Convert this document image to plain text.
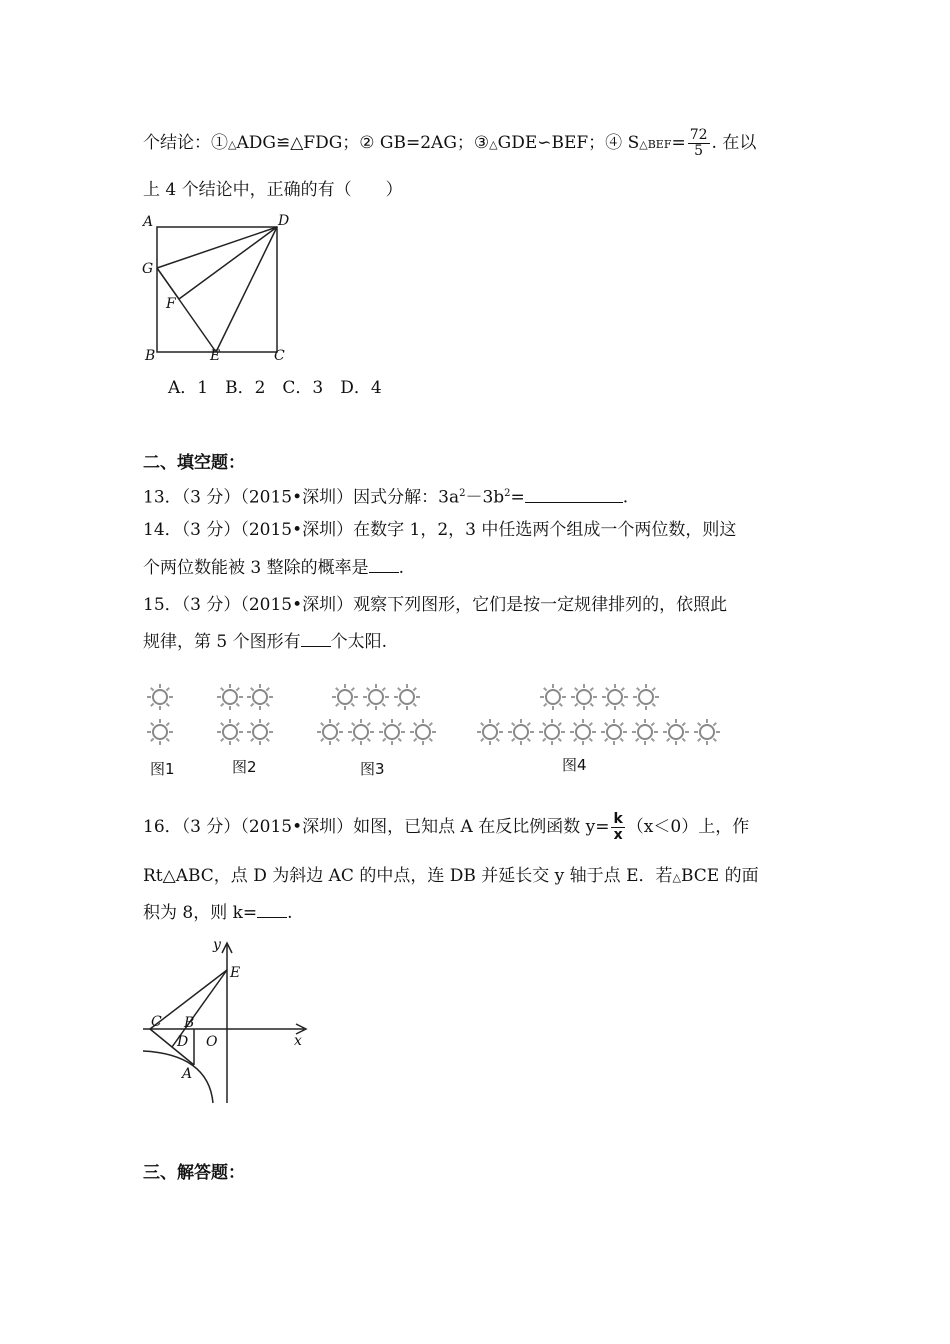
个结论：①△ADG≌△FDG；② GB=2AG；③△GDE∽BEF；④ S△BEF= $\frac{72}{5}$ . 在以
上 4 个结论中，正确的有（　　）
A	D
G
F
B	E	C
A．1　B．2　C．3　D．4
二、填空题：
13．（3 分）（2015•深圳）因式分解：$3a^2-3b^2=$	.
14．（3 分）（2015•深圳）在数字 1，2，3 中任选两个组成一个两位数，则这
个两位数能被 3 整除的概率是 .
15．（3 分）（2015•深圳）观察下列图形，它们是按一定规律排列的，依照此
规律，第 5 个图形有 个太阳.
图1	图2	图3	图4
16．（3 分）（2015•深圳）如图，已知点 A 在反比例函数 $y= \frac{k}{x} (x<0)$上，作
Rt△ABC，点 D 为斜边 AC 的中点，连 DB 并延长交 y 轴于点 E．若△BCE 的面
积为 8，则 k= .
y
E
C B
D O	x
A
三、解答题：
